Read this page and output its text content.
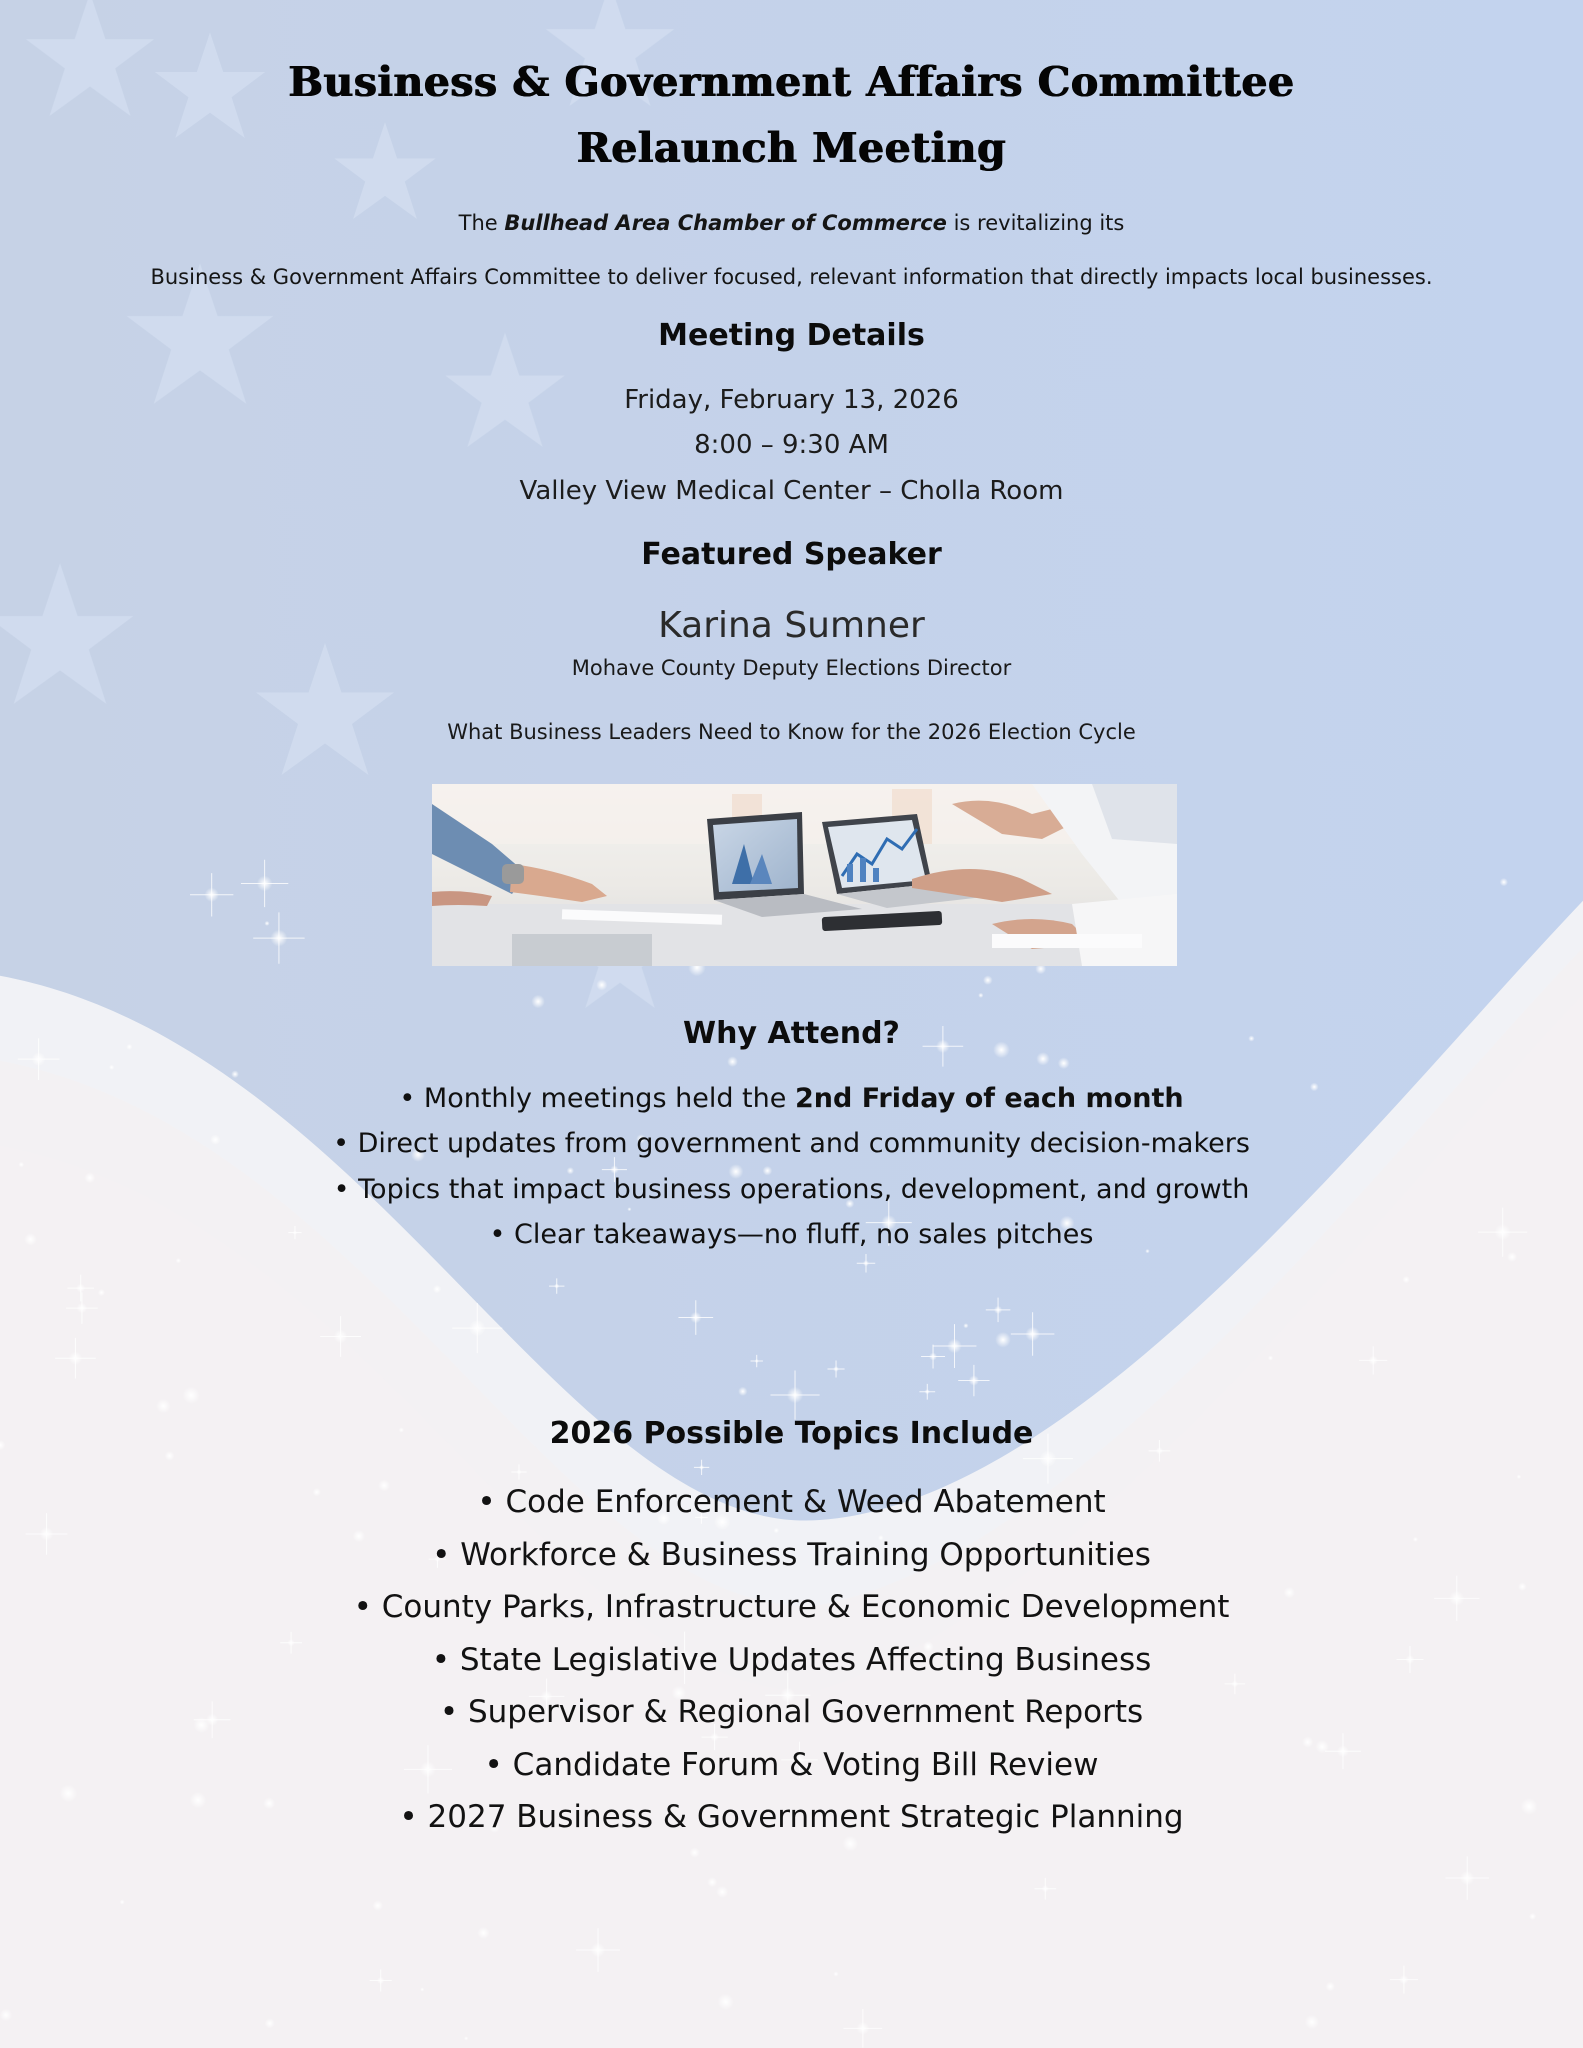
Business & Government Affairs Committee
Relaunch Meeting
The Bullhead Area Chamber of Commerce is revitalizing its
Business & Government Affairs Committee to deliver focused, relevant information that directly impacts local businesses.
Meeting Details
Friday, February 13, 2026
8:00 – 9:30 AM
Valley View Medical Center – Cholla Room
Featured Speaker
Karina Sumner
Mohave County Deputy Elections Director
What Business Leaders Need to Know for the 2026 Election Cycle
Why Attend?
• Monthly meetings held the 2nd Friday of each month
• Direct updates from government and community decision-makers
• Topics that impact business operations, development, and growth
• Clear takeaways—no fluff, no sales pitches
2026 Possible Topics Include
• Code Enforcement & Weed Abatement
• Workforce & Business Training Opportunities
• County Parks, Infrastructure & Economic Development
• State Legislative Updates Affecting Business
• Supervisor & Regional Government Reports
• Candidate Forum & Voting Bill Review
• 2027 Business & Government Strategic Planning
